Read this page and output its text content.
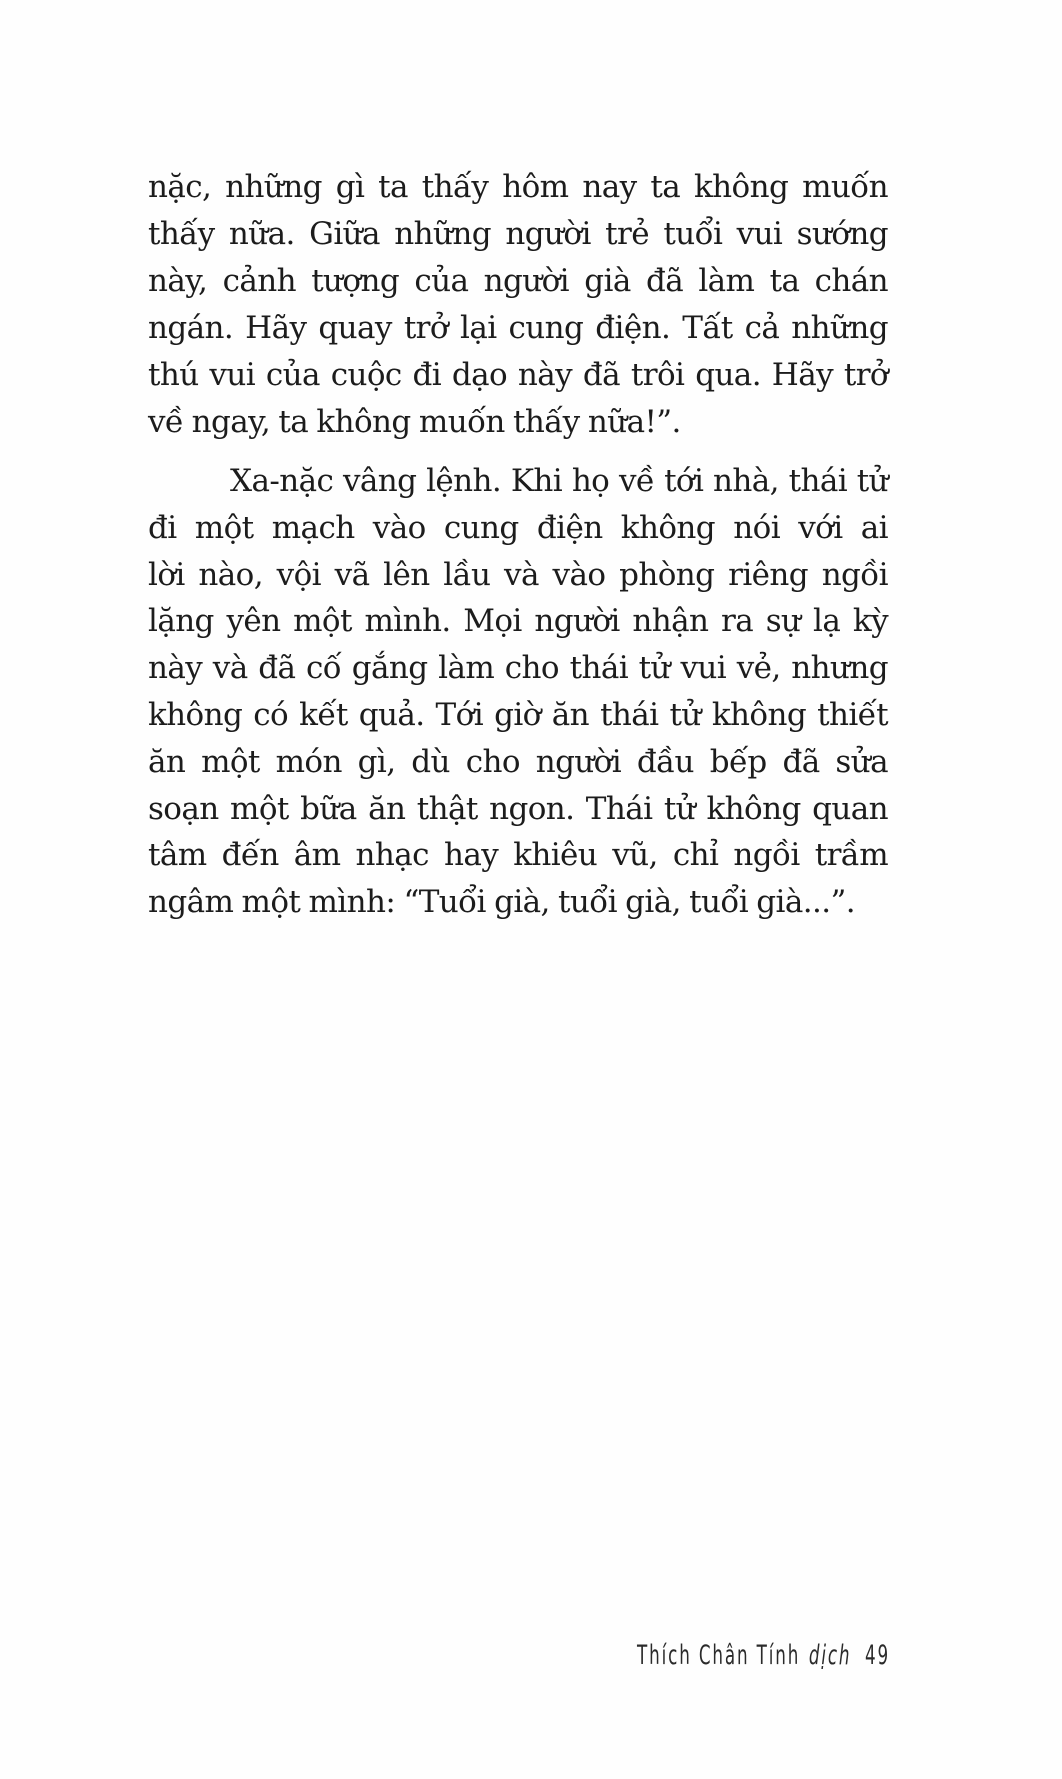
nặc, những gì ta thấy hôm nay ta không muốn
thấy nữa. Giữa những người trẻ tuổi vui sướng
này, cảnh tượng của người già đã làm ta chán
ngán. Hãy quay trở lại cung điện. Tất cả những
thú vui của cuộc đi dạo này đã trôi qua. Hãy trở
về ngay, ta không muốn thấy nữa!”.
Xa-nặc vâng lệnh. Khi họ về tới nhà, thái tử
đi một mạch vào cung điện không nói với ai
lời nào, vội vã lên lầu và vào phòng riêng ngồi
lặng yên một mình. Mọi người nhận ra sự lạ kỳ
này và đã cố gắng làm cho thái tử vui vẻ, nhưng
không có kết quả. Tới giờ ăn thái tử không thiết
ăn một món gì, dù cho người đầu bếp đã sửa
soạn một bữa ăn thật ngon. Thái tử không quan
tâm đến âm nhạc hay khiêu vũ, chỉ ngồi trầm
ngâm một mình: “Tuổi già, tuổi già, tuổi già...”.
Thích Chân Tính dịch 49
